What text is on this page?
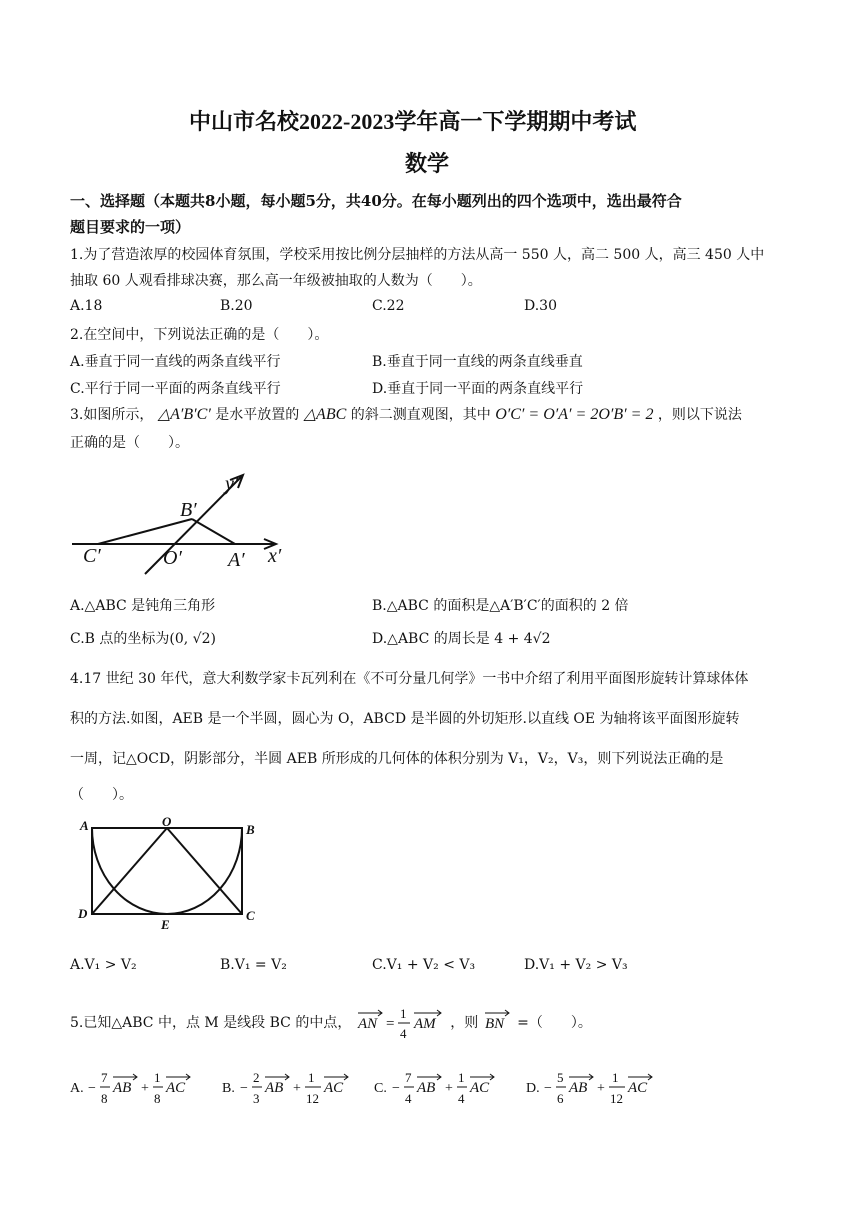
中山市名校2022-2023学年高一下学期期中考试
数学
一、选择题（本题共8小题，每小题5分，共40分。在每小题列出的四个选项中，选出最符合
题目要求的一项）
1.为了营造浓厚的校园体育氛围，学校采用按比例分层抽样的方法从高一 550 人，高二 500 人，高三 450 人中
抽取 60 人观看排球决赛，那么高一年级被抽取的人数为（　　）。
A.18	B.20	C.22	D.30
2.在空间中，下列说法正确的是（　　）。
A.垂直于同一直线的两条直线平行	B.垂直于同一直线的两条直线垂直
C.平行于同一平面的两条直线平行	D.垂直于同一平面的两条直线平行
3.如图所示， △A′B′C′ 是水平放置的 △ABC 的斜二测直观图，其中 O′C′ = O′A′ = 2O′B′ = 2 ，则以下说法
正确的是（　　）。
y′
x′
B′
C′	O′ A′
A.△ABC 是钝角三角形	B.△ABC 的面积是△A′B′C′的面积的 2 倍
C.B 点的坐标为(0, √2)	D.△ABC 的周长是 4 + 4√2
4.17 世纪 30 年代，意大利数学家卡瓦列利在《不可分量几何学》一书中介绍了利用平面图形旋转计算球体体
积的方法.如图，AEB 是一个半圆，圆心为 O，ABCD 是半圆的外切矩形.以直线 OE 为轴将该平面图形旋转
一周，记△OCD，阴影部分，半圆 AEB 所形成的几何体的体积分别为 V₁，V₂，V₃，则下列说法正确的是
（　　）。
A	O
B
D
E
C
A.V₁ > V₂	B.V₁ = V₂	C.V₁ + V₂ < V₃	D.V₁ + V₂ > V₃
5.已知△ABC 中，点 M 是线段 BC 的中点， AN =
1
4
AM ，则 BN =（　　）。
A. −
7
8
AB +
1
8
AC	B. −
2
3
AB +
1
12
AC C. −
7
4
AB +
1
4
AC	D. −
5
6
AB +
1
12
AC
